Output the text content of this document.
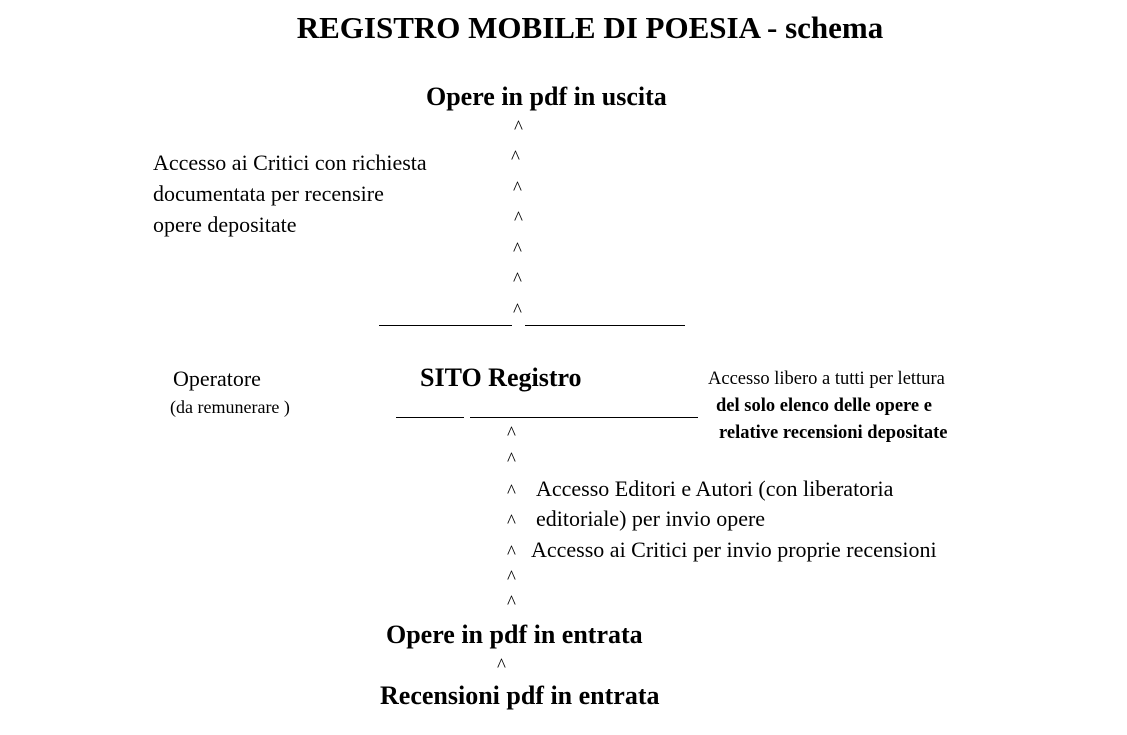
REGISTRO MOBILE DI POESIA - schema
Opere in pdf in uscita
^
^
^
^
^
^
^
Accesso ai Critici con richiesta
documentata per recensire
opere depositate
Operatore
(da remunerare )
SITO Registro	Accesso libero a tutti per lettura
del solo elenco delle opere e
relative recensioni depositate
^
^
^
^
^
^
^
Accesso Editori e Autori (con liberatoria
editoriale) per invio opere
Accesso ai Critici per invio proprie recensioni
Opere in pdf in entrata
^
Recensioni pdf in entrata
